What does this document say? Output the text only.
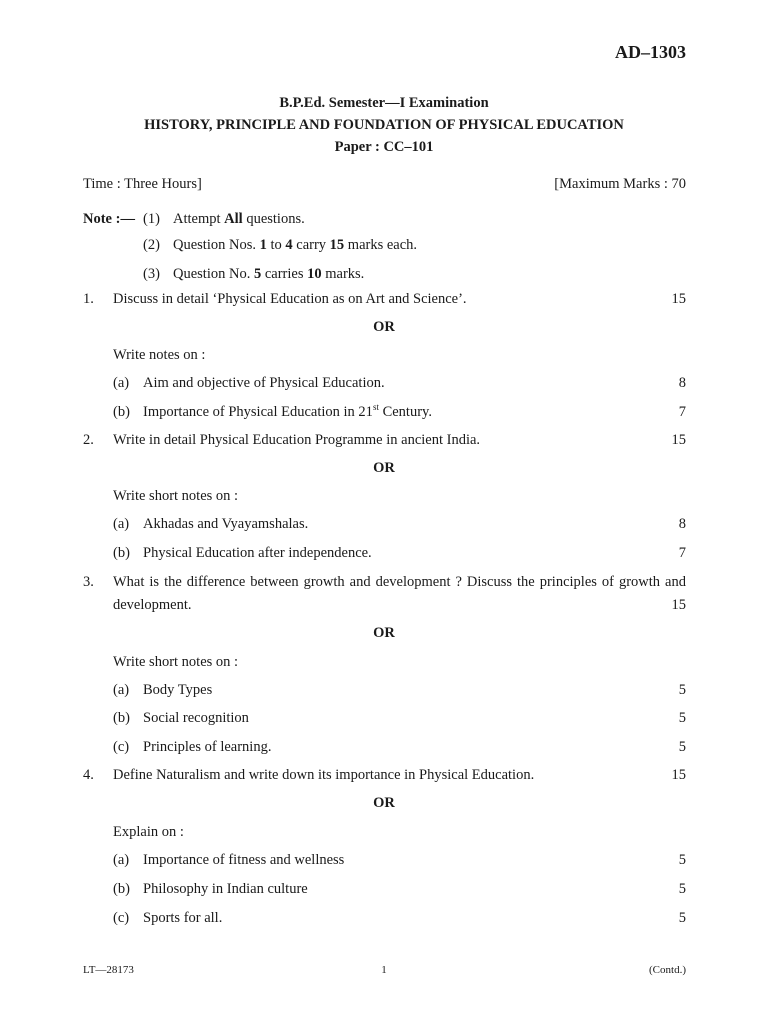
AD–1303
B.P.Ed. Semester—I Examination
HISTORY, PRINCIPLE AND FOUNDATION OF PHYSICAL EDUCATION
Paper : CC–101
Time : Three Hours]	[Maximum Marks : 70
Note :— (1) Attempt All questions.
(2) Question Nos. 1 to 4 carry 15 marks each.
(3) Question No. 5 carries 10 marks.
1. Discuss in detail ‘Physical Education as on Art and Science’.	15
OR
Write notes on :
(a) Aim and objective of Physical Education.	8
(b) Importance of Physical Education in 21st Century.	7
2. Write in detail Physical Education Programme in ancient India.	15
OR
Write short notes on :
(a) Akhadas and Vyayamshalas.	8
(b) Physical Education after independence.	7
3. What is the difference between growth and development ? Discuss the principles of growth and
development.	15
OR
Write short notes on :
(a) Body Types	5
(b) Social recognition	5
(c) Principles of learning.	5
4. Define Naturalism and write down its importance in Physical Education.	15
OR
Explain on :
(a) Importance of fitness and wellness	5
(b) Philosophy in Indian culture	5
(c) Sports for all.	5
LT—28173	1	(Contd.)
